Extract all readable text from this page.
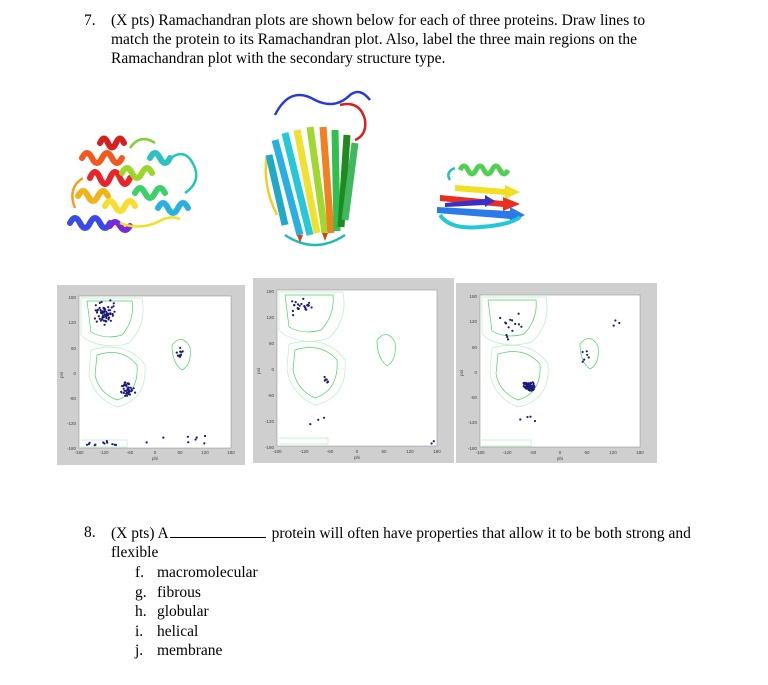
7. (X pts) Ramachandran plots are shown below for each of three proteins. Draw lines to
match the protein to its Ramachandran plot. Also, label the three main regions on the
Ramachandran plot with the secondary structure type.
180
120
60
0
-60
-120
-180
-180	-120	-60	0	60	120	180
phi
psi
180
120
60
0
-60
-120
-180
-180	-120	-60	0	60	120	180
phi
psi
180
120
60
0
-60
-120
-180
-180	-120	-60	0	60	120	180
phi
psi
8. (X pts) A	protein will often have properties that allow it to be both strong and
flexible
f. macromolecular
g. fibrous
h. globular
i. helical
j. membrane
